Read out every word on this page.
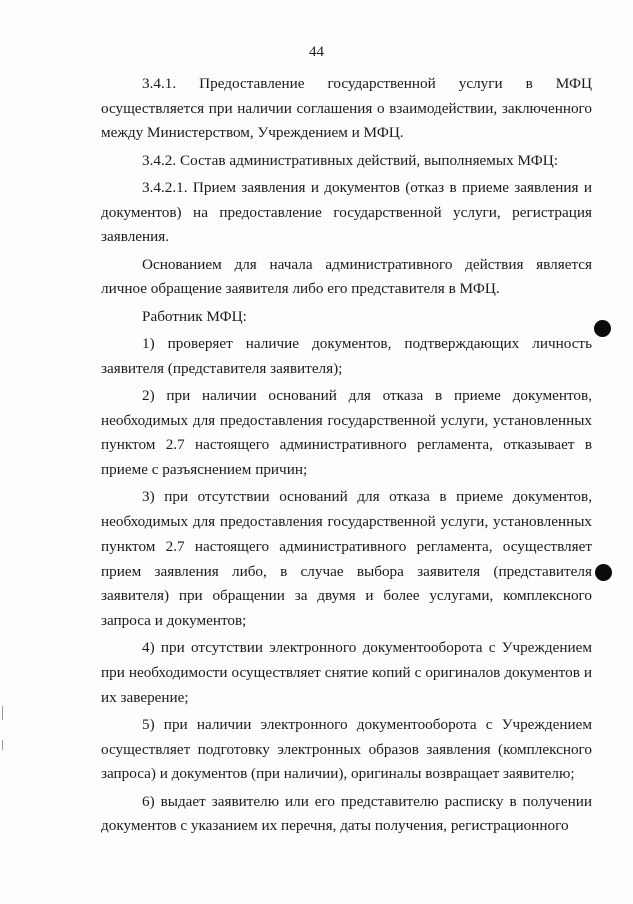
44

3.4.1. Предоставление государственной услуги в МФЦ осуществляется при наличии соглашения о взаимодействии, заключенного между Министерством, Учреждением и МФЦ.

3.4.2. Состав административных действий, выполняемых МФЦ:

3.4.2.1. Прием заявления и документов (отказ в приеме заявления и документов) на предоставление государственной услуги, регистрация заявления.

Основанием для начала административного действия является личное обращение заявителя либо его представителя в МФЦ.

Работник МФЦ:

1) проверяет наличие документов, подтверждающих личность заявителя (представителя заявителя);

2) при наличии оснований для отказа в приеме документов, необходимых для предоставления государственной услуги, установленных пунктом 2.7 настоящего административного регламента, отказывает в приеме с разъяснением причин;

3) при отсутствии оснований для отказа в приеме документов, необходимых для предоставления государственной услуги, установленных пунктом 2.7 настоящего административного регламента, осуществляет прием заявления либо, в случае выбора заявителя (представителя заявителя) при обращении за двумя и более услугами, комплексного запроса и документов;

4) при отсутствии электронного документооборота с Учреждением при необходимости осуществляет снятие копий с оригиналов документов и их заверение;

5) при наличии электронного документооборота с Учреждением осуществляет подготовку электронных образов заявления (комплексного запроса) и документов (при наличии), оригиналы возвращает заявителю;

6) выдает заявителю или его представителю расписку в получении документов с указанием их перечня, даты получения, регистрационного
